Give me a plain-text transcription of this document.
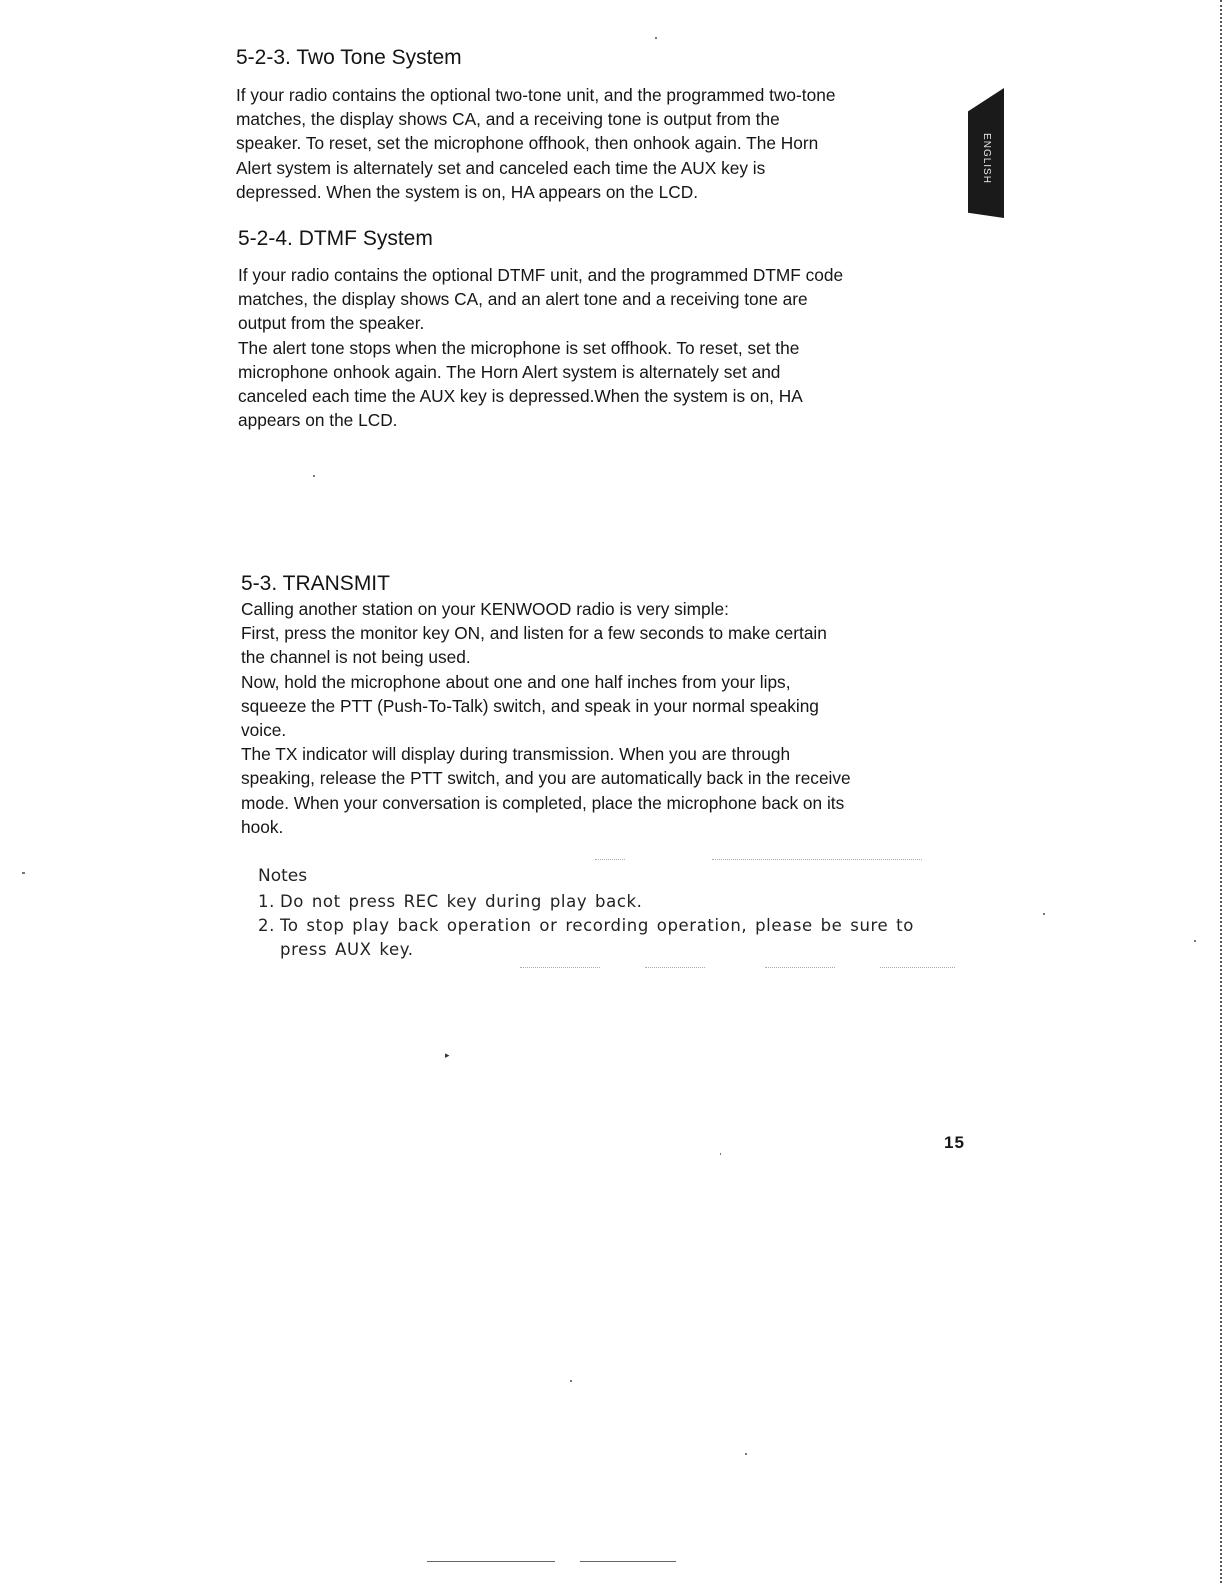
ENGLISH
5-2-3. Two Tone System
If your radio contains the optional two-tone unit, and the programmed two-tone
matches, the display shows CA, and a receiving tone is output from the
speaker. To reset, set the microphone offhook, then onhook again. The Horn
Alert system is alternately set and canceled each time the AUX key is
depressed. When the system is on, HA appears on the LCD.
5-2-4. DTMF System
If your radio contains the optional DTMF unit, and the programmed DTMF code
matches, the display shows CA, and an alert tone and a receiving tone are
output from the speaker.
The alert tone stops when the microphone is set offhook. To reset, set the
microphone onhook again. The Horn Alert system is alternately set and
canceled each time the AUX key is depressed.When the system is on, HA
appears on the LCD.
5-3. TRANSMIT
Calling another station on your KENWOOD radio is very simple:
First, press the monitor key ON, and listen for a few seconds to make certain
the channel is not being used.
Now, hold the microphone about one and one half inches from your lips,
squeeze the PTT (Push-To-Talk) switch, and speak in your normal speaking
voice.
The TX indicator will display during transmission. When you are through
speaking, release the PTT switch, and you are automatically back in the receive
mode. When your conversation is completed, place the microphone back on its
hook.

Notes

1. Do not press REC key during play back.
2. To stop play back operation or recording operation, please be sure to
press AUX key.

15

▸
